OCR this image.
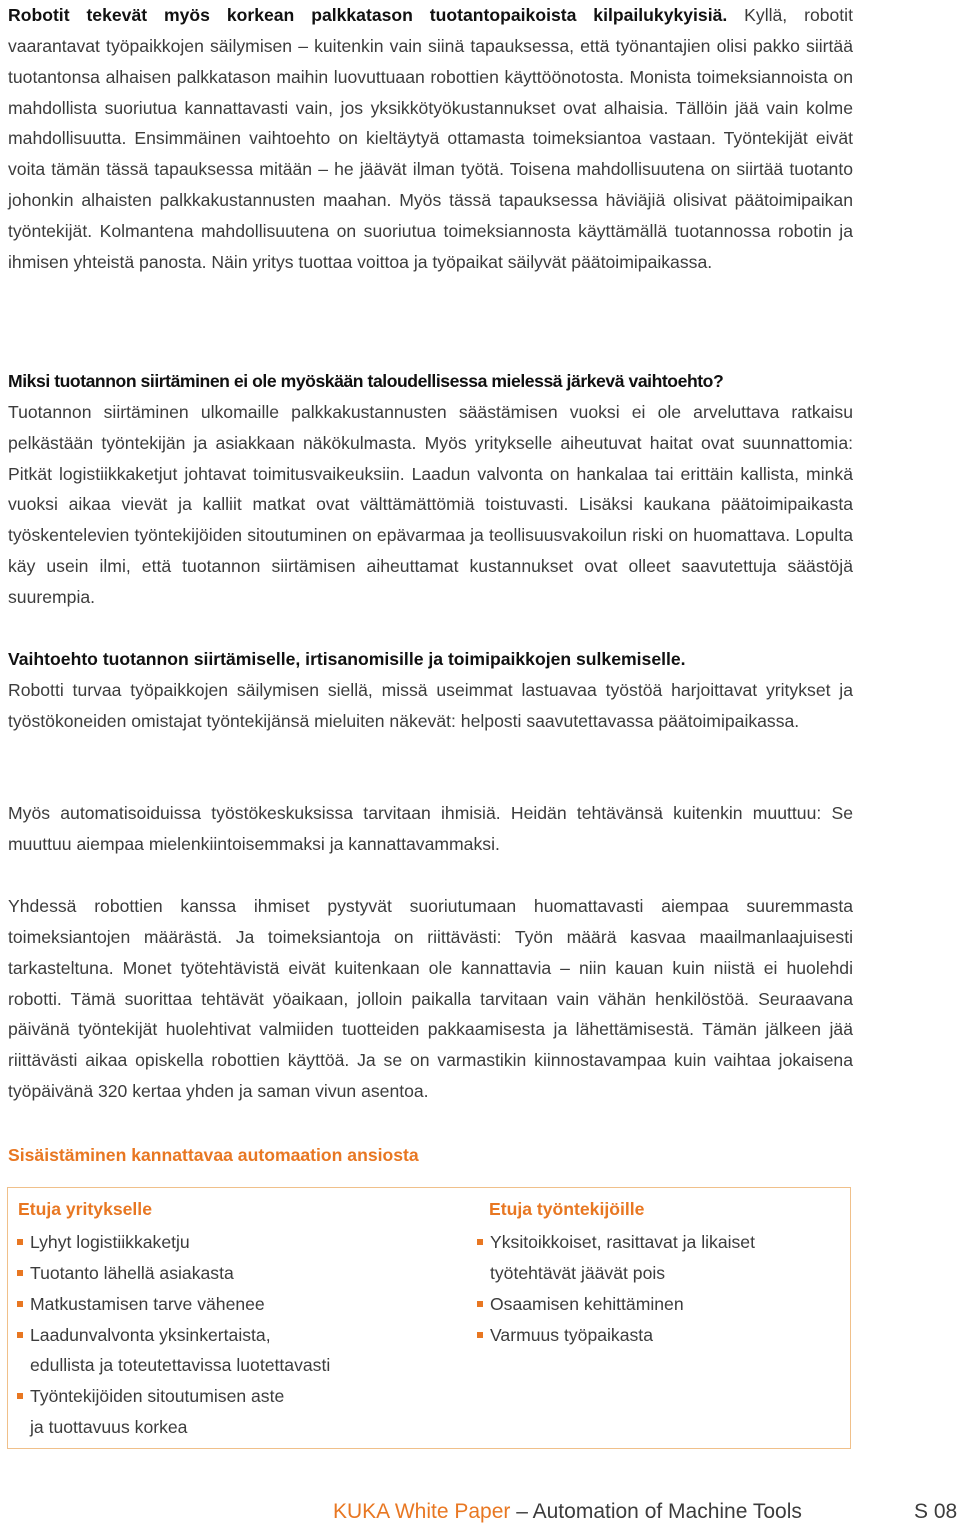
Robotit tekevät myös korkean palkkatason tuotantopaikoista kilpailukykyisiä. Kyllä, robotit vaarantavat työpaikkojen säilymisen – kuitenkin vain siinä tapauksessa, että työnantajien olisi pakko siirtää tuotantonsa alhaisen palkkatason maihin luovuttuaan robottien käyttöönotosta. Monista toimeksiannoista on mahdollista suoriutua kannattavasti vain, jos yksikkötyökustannukset ovat alhaisia. Tällöin jää vain kolme mahdollisuutta. Ensimmäinen vaihtoehto on kieltäytyä ottamasta toimeksiantoa vastaan. Työntekijät eivät voita tämän tässä tapauksessa mitään – he jäävät ilman työtä. Toisena mahdollisuutena on siirtää tuotanto johonkin alhaisten palkkakustannusten maahan. Myös tässä tapauksessa häviäjiä olisivat päätoimipaikan työntekijät. Kolmantena mahdollisuutena on suoriutua toimeksiannosta käyttämällä tuotannossa robotin ja ihmisen yhteistä panosta. Näin yritys tuottaa voittoa ja työpaikat säilyvät päätoimipaikassa.

Miksi tuotannon siirtäminen ei ole myöskään taloudellisessa mielessä järkevä vaihtoehto?
Tuotannon siirtäminen ulkomaille palkkakustannusten säästämisen vuoksi ei ole arveluttava ratkaisu pelkästään työntekijän ja asiakkaan näkökulmasta. Myös yritykselle aiheutuvat haitat ovat suunnattomia: Pitkät logistiikkaketjut johtavat toimitusvaikeuksiin. Laadun valvonta on hankalaa tai erittäin kallista, minkä vuoksi aikaa vievät ja kalliit matkat ovat välttämättömiä toistuvasti. Lisäksi kaukana päätoimipaikasta työskentelevien työntekijöiden sitoutuminen on epävarmaa ja teollisuusvakoilun riski on huomattava. Lopulta käy usein ilmi, että tuotannon siirtämisen aiheuttamat kustannukset ovat olleet saavutettuja säästöjä suurempia.

Vaihtoehto tuotannon siirtämiselle, irtisanomisille ja toimipaikkojen sulkemiselle.
Robotti turvaa työpaikkojen säilymisen siellä, missä useimmat lastuavaa työstöä harjoittavat yritykset ja työstökoneiden omistajat työntekijänsä mieluiten näkevät: helposti saavutettavassa päätoimipaikassa.

Myös automatisoiduissa työstökeskuksissa tarvitaan ihmisiä. Heidän tehtävänsä kuitenkin muuttuu: Se muuttuu aiempaa mielenkiintoisemmaksi ja kannattavammaksi.

Yhdessä robottien kanssa ihmiset pystyvät suoriutumaan huomattavasti aiempaa suuremmasta toimeksiantojen määrästä. Ja toimeksiantoja on riittävästi: Työn määrä kasvaa maailmanlaajuisesti tarkasteltuna. Monet työtehtävistä eivät kuitenkaan ole kannattavia – niin kauan kuin niistä ei huolehdi robotti. Tämä suorittaa tehtävät yöaikaan, jolloin paikalla tarvitaan vain vähän henkilöstöä. Seuraavana päivänä työntekijät huolehtivat valmiiden tuotteiden pakkaamisesta ja lähettämisestä. Tämän jälkeen jää riittävästi aikaa opiskella robottien käyttöä. Ja se on varmastikin kiinnostavampaa kuin vaihtaa jokaisena työpäivänä 320 kertaa yhden ja saman vivun asentoa.

Sisäistäminen kannattavaa automaation ansiosta

Etuja yritykselle

Lyhyt logistiikkaketju
Tuotanto lähellä asiakasta
Matkustamisen tarve vähenee
Laadunvalvonta yksinkertaista,
edullista ja toteutettavissa luotettavasti
Työntekijöiden sitoutumisen aste
ja tuottavuus korkea

Etuja työntekijöille

Yksitoikkoiset, rasittavat ja likaiset
työtehtävät jäävät pois
Osaamisen kehittäminen
Varmuus työpaikasta

KUKA White Paper – Automation of Machine Tools	S 08
